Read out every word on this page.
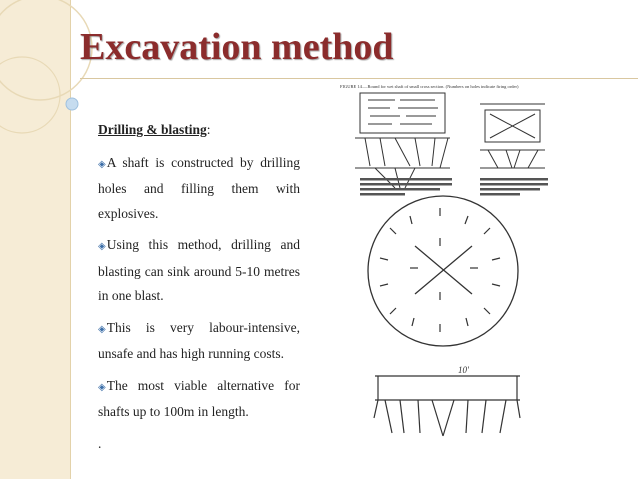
Excavation method

Drilling & blasting:

◈A shaft is constructed by drilling holes and filling them with explosives.

◈Using this method, drilling and blasting can sink around 5-10 metres in one blast.

◈This is very labour-intensive, unsafe and has high running costs.

◈The most viable alternative for shafts up to 100m in length.

.

FIGURE 14.—Round for wet shaft of small cross section. (Numbers on holes indicate firing order)
10'
